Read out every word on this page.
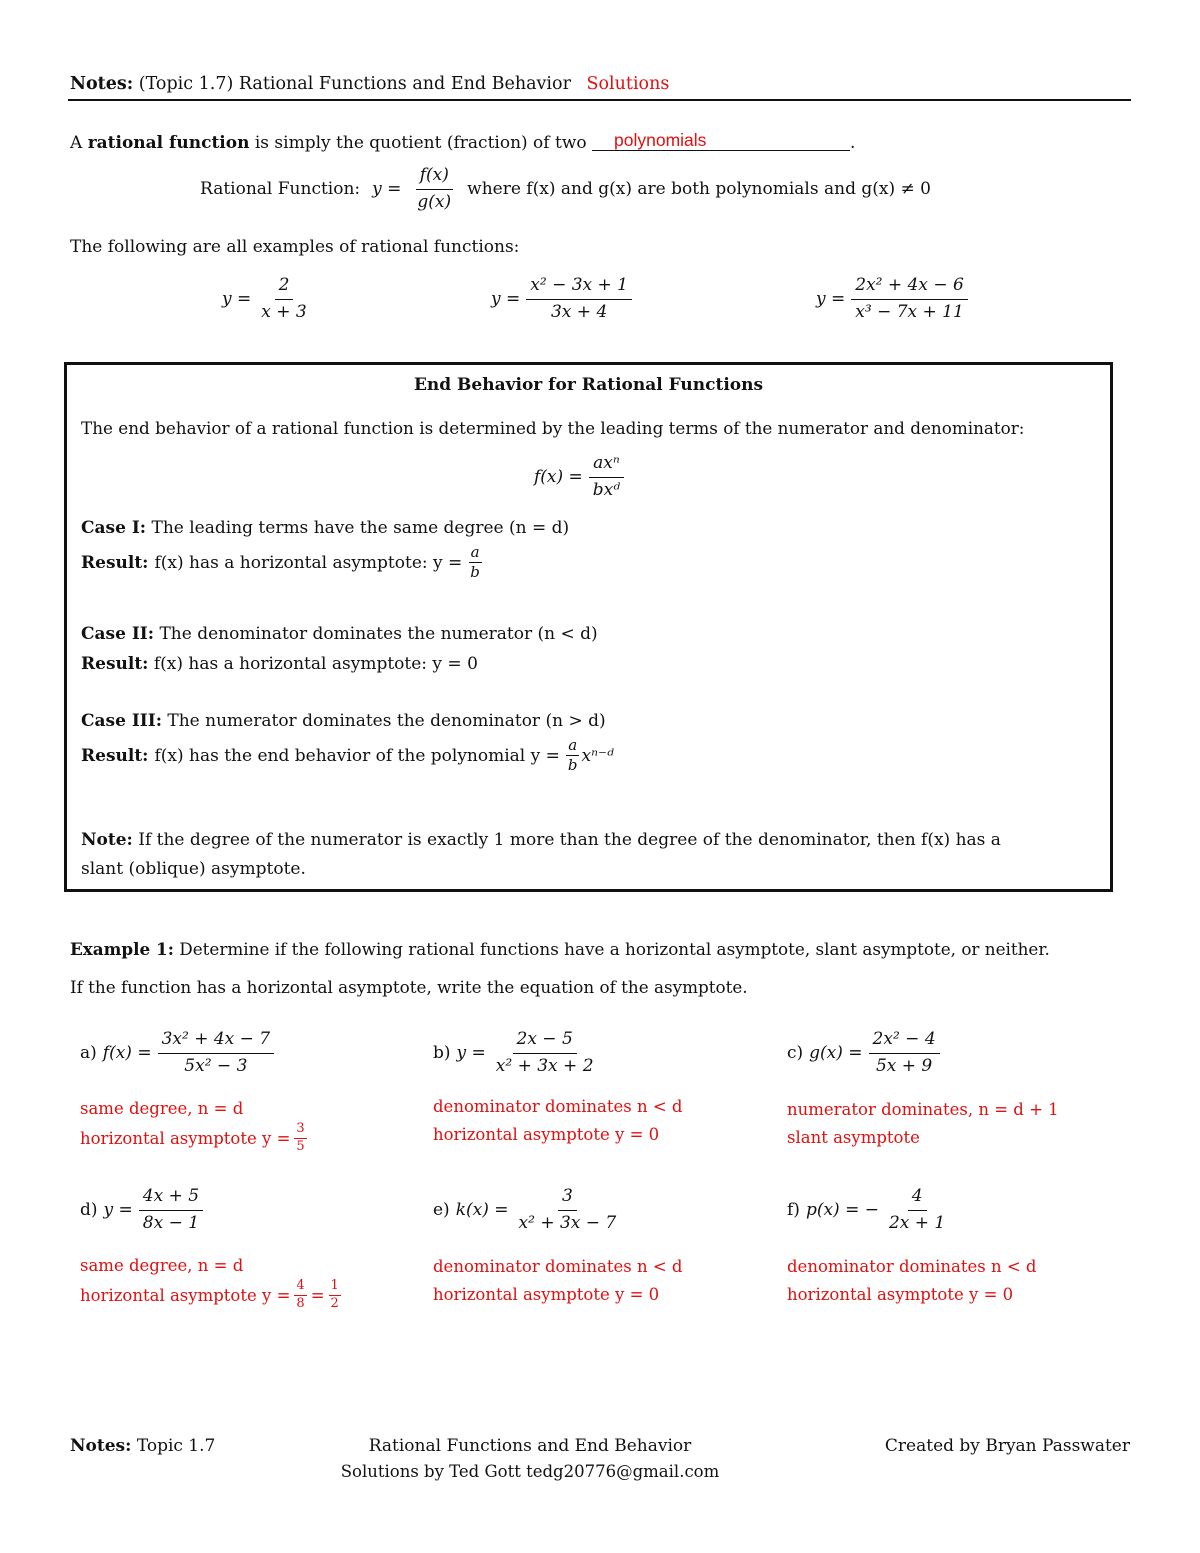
Notes: (Topic 1.7) Rational Functions and End Behavior Solutions
A rational function is simply the quotient (fraction) of two polynomials	.
Rational Function: $y = \frac{f(x)}{g(x)}$ where f(x) and g(x) are both polynomials and g(x) ≠ 0
The following are all examples of rational functions:
$y = \frac{2}{x + 3}$	$y = \frac{\text{x² − 3x + 1}}{3x + 4}$	$y = \frac{\text{2x² + 4x − 6}}{\text{x³ − 7x + 11}}$
End Behavior for Rational Functions
The end behavior of a rational function is determined by the leading terms of the numerator and denominator:
$f(x) = \frac{\text{axⁿ}}{\text{bxᵈ}}$
Case I: The leading terms have the same degree (n = d)
Result: f(x) has a horizontal asymptote: $y = \frac{a}{b}$
Case II: The denominator dominates the numerator (n < d)
Result: f(x) has a horizontal asymptote: y = 0
Case III: The numerator dominates the denominator (n > d)
Result: f(x) has the end behavior of the polynomial $y = \frac{a}{b}$ xⁿ⁻ᵈ
Note: If the degree of the numerator is exactly 1 more than the degree of the denominator, then f(x) has a
slant (oblique) asymptote.
Example 1: Determine if the following rational functions have a horizontal asymptote, slant asymptote, or neither.
If the function has a horizontal asymptote, write the equation of the asymptote.
a) $f(x) = \frac{\text{3x² + 4x − 7}}{\text{5x² − 3}}$
same degree, n = d
horizontal asymptote $y = \frac{3}{5}$
b) $y = \frac{2x - 5}{\text{x² + 3x + 2}}$
denominator dominates n < d
horizontal asymptote y = 0
c) $g(x) = \frac{\text{2x² − 4}}{5x + 9}$
numerator dominates, n = d + 1
slant asymptote
d) $y = \frac{4x + 5}{8x - 1}$
same degree, n = d
horizontal asymptote $y = \frac{4}{8} = \frac{1}{2}$
e) $k(x) = \frac{3}{\text{x² + 3x − 7}}$
denominator dominates n < d
horizontal asymptote y = 0
f) p(x) = − $\frac{4}{2x + 1}$
denominator dominates n < d
horizontal asymptote y = 0
Notes: Topic 1.7	Rational Functions and End Behavior
Solutions by Ted Gott tedg20776@gmail.com
Created by Bryan Passwater
